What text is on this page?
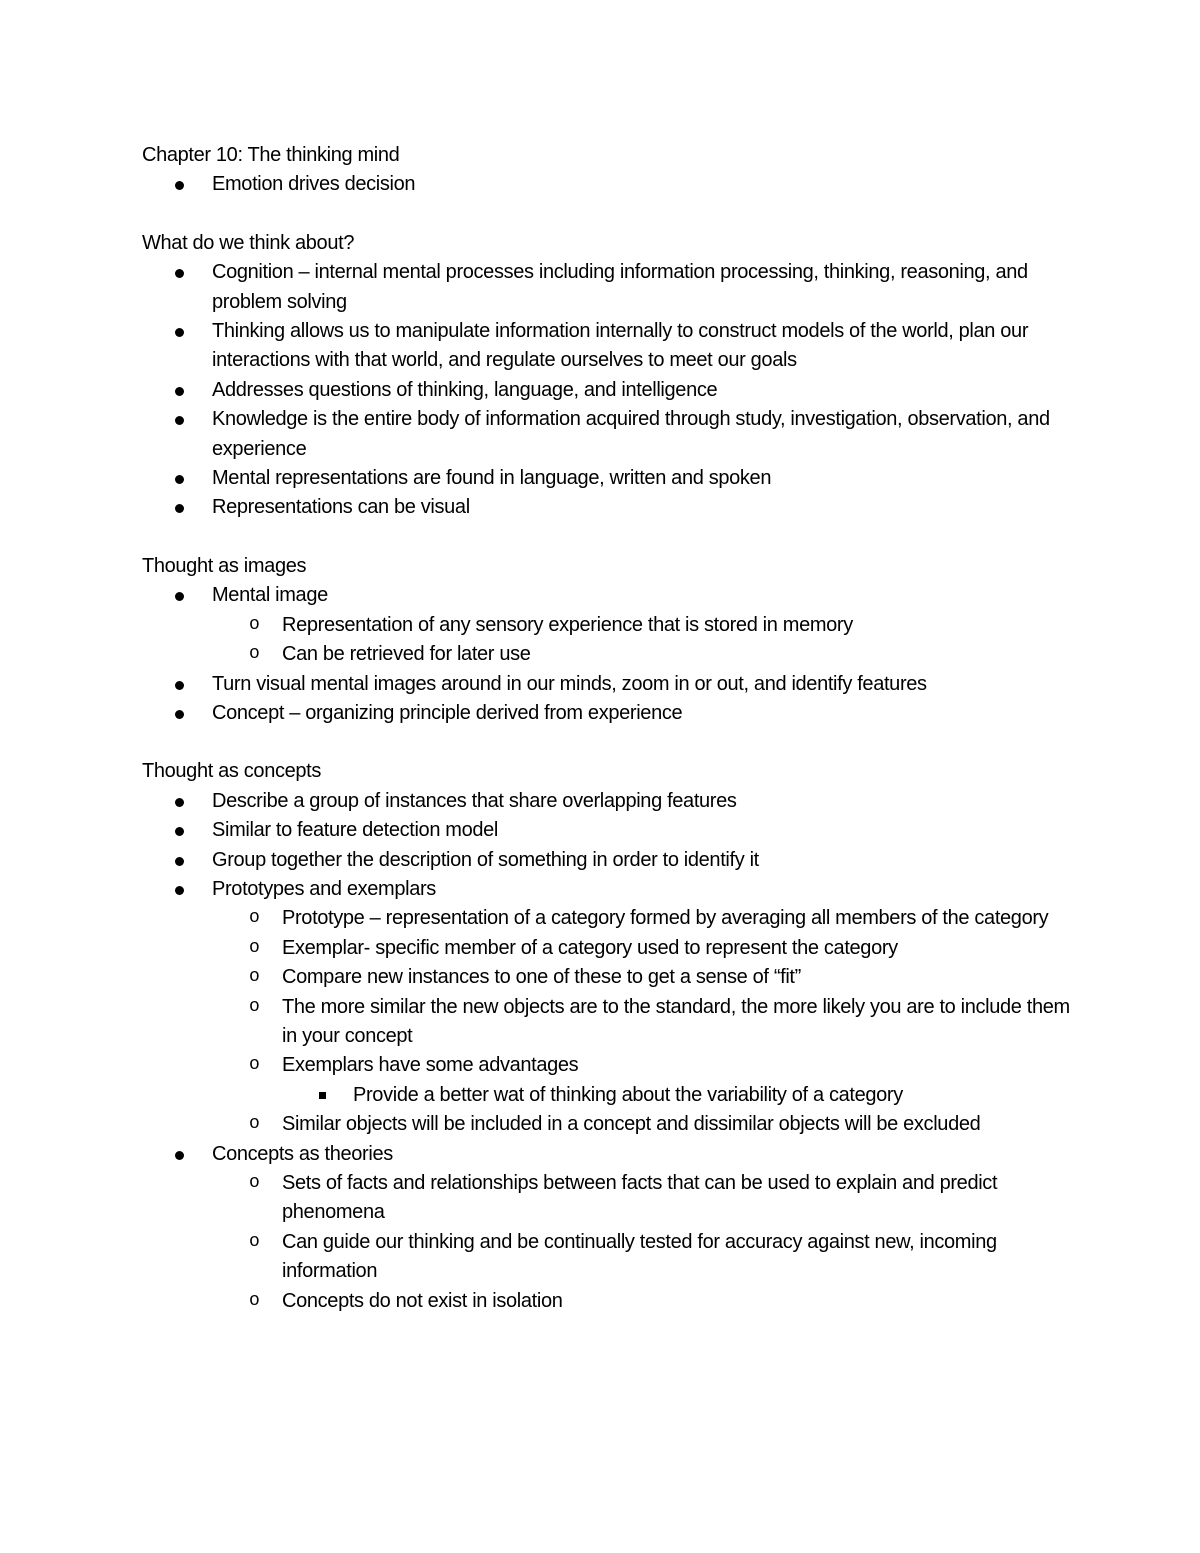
Chapter 10: The thinking mind
Emotion drives decision
What do we think about?
Cognition – internal mental processes including information processing, thinking, reasoning, and problem solving
Thinking allows us to manipulate information internally to construct models of the world, plan our interactions with that world, and regulate ourselves to meet our goals
Addresses questions of thinking, language, and intelligence
Knowledge is the entire body of information acquired through study, investigation, observation, and experience
Mental representations are found in language, written and spoken
Representations can be visual
Thought as images
Mental image
o Representation of any sensory experience that is stored in memory
o Can be retrieved for later use
Turn visual mental images around in our minds, zoom in or out, and identify features
Concept – organizing principle derived from experience
Thought as concepts
Describe a group of instances that share overlapping features
Similar to feature detection model
Group together the description of something in order to identify it
Prototypes and exemplars
o Prototype – representation of a category formed by averaging all members of the category
o Exemplar- specific member of a category used to represent the category
o Compare new instances to one of these to get a sense of “fit”
o The more similar the new objects are to the standard, the more likely you are to include them in your concept
o Exemplars have some advantages
Provide a better wat of thinking about the variability of a category
o Similar objects will be included in a concept and dissimilar objects will be excluded
Concepts as theories
o Sets of facts and relationships between facts that can be used to explain and predict phenomena
o Can guide our thinking and be continually tested for accuracy against new, incoming information
o Concepts do not exist in isolation
